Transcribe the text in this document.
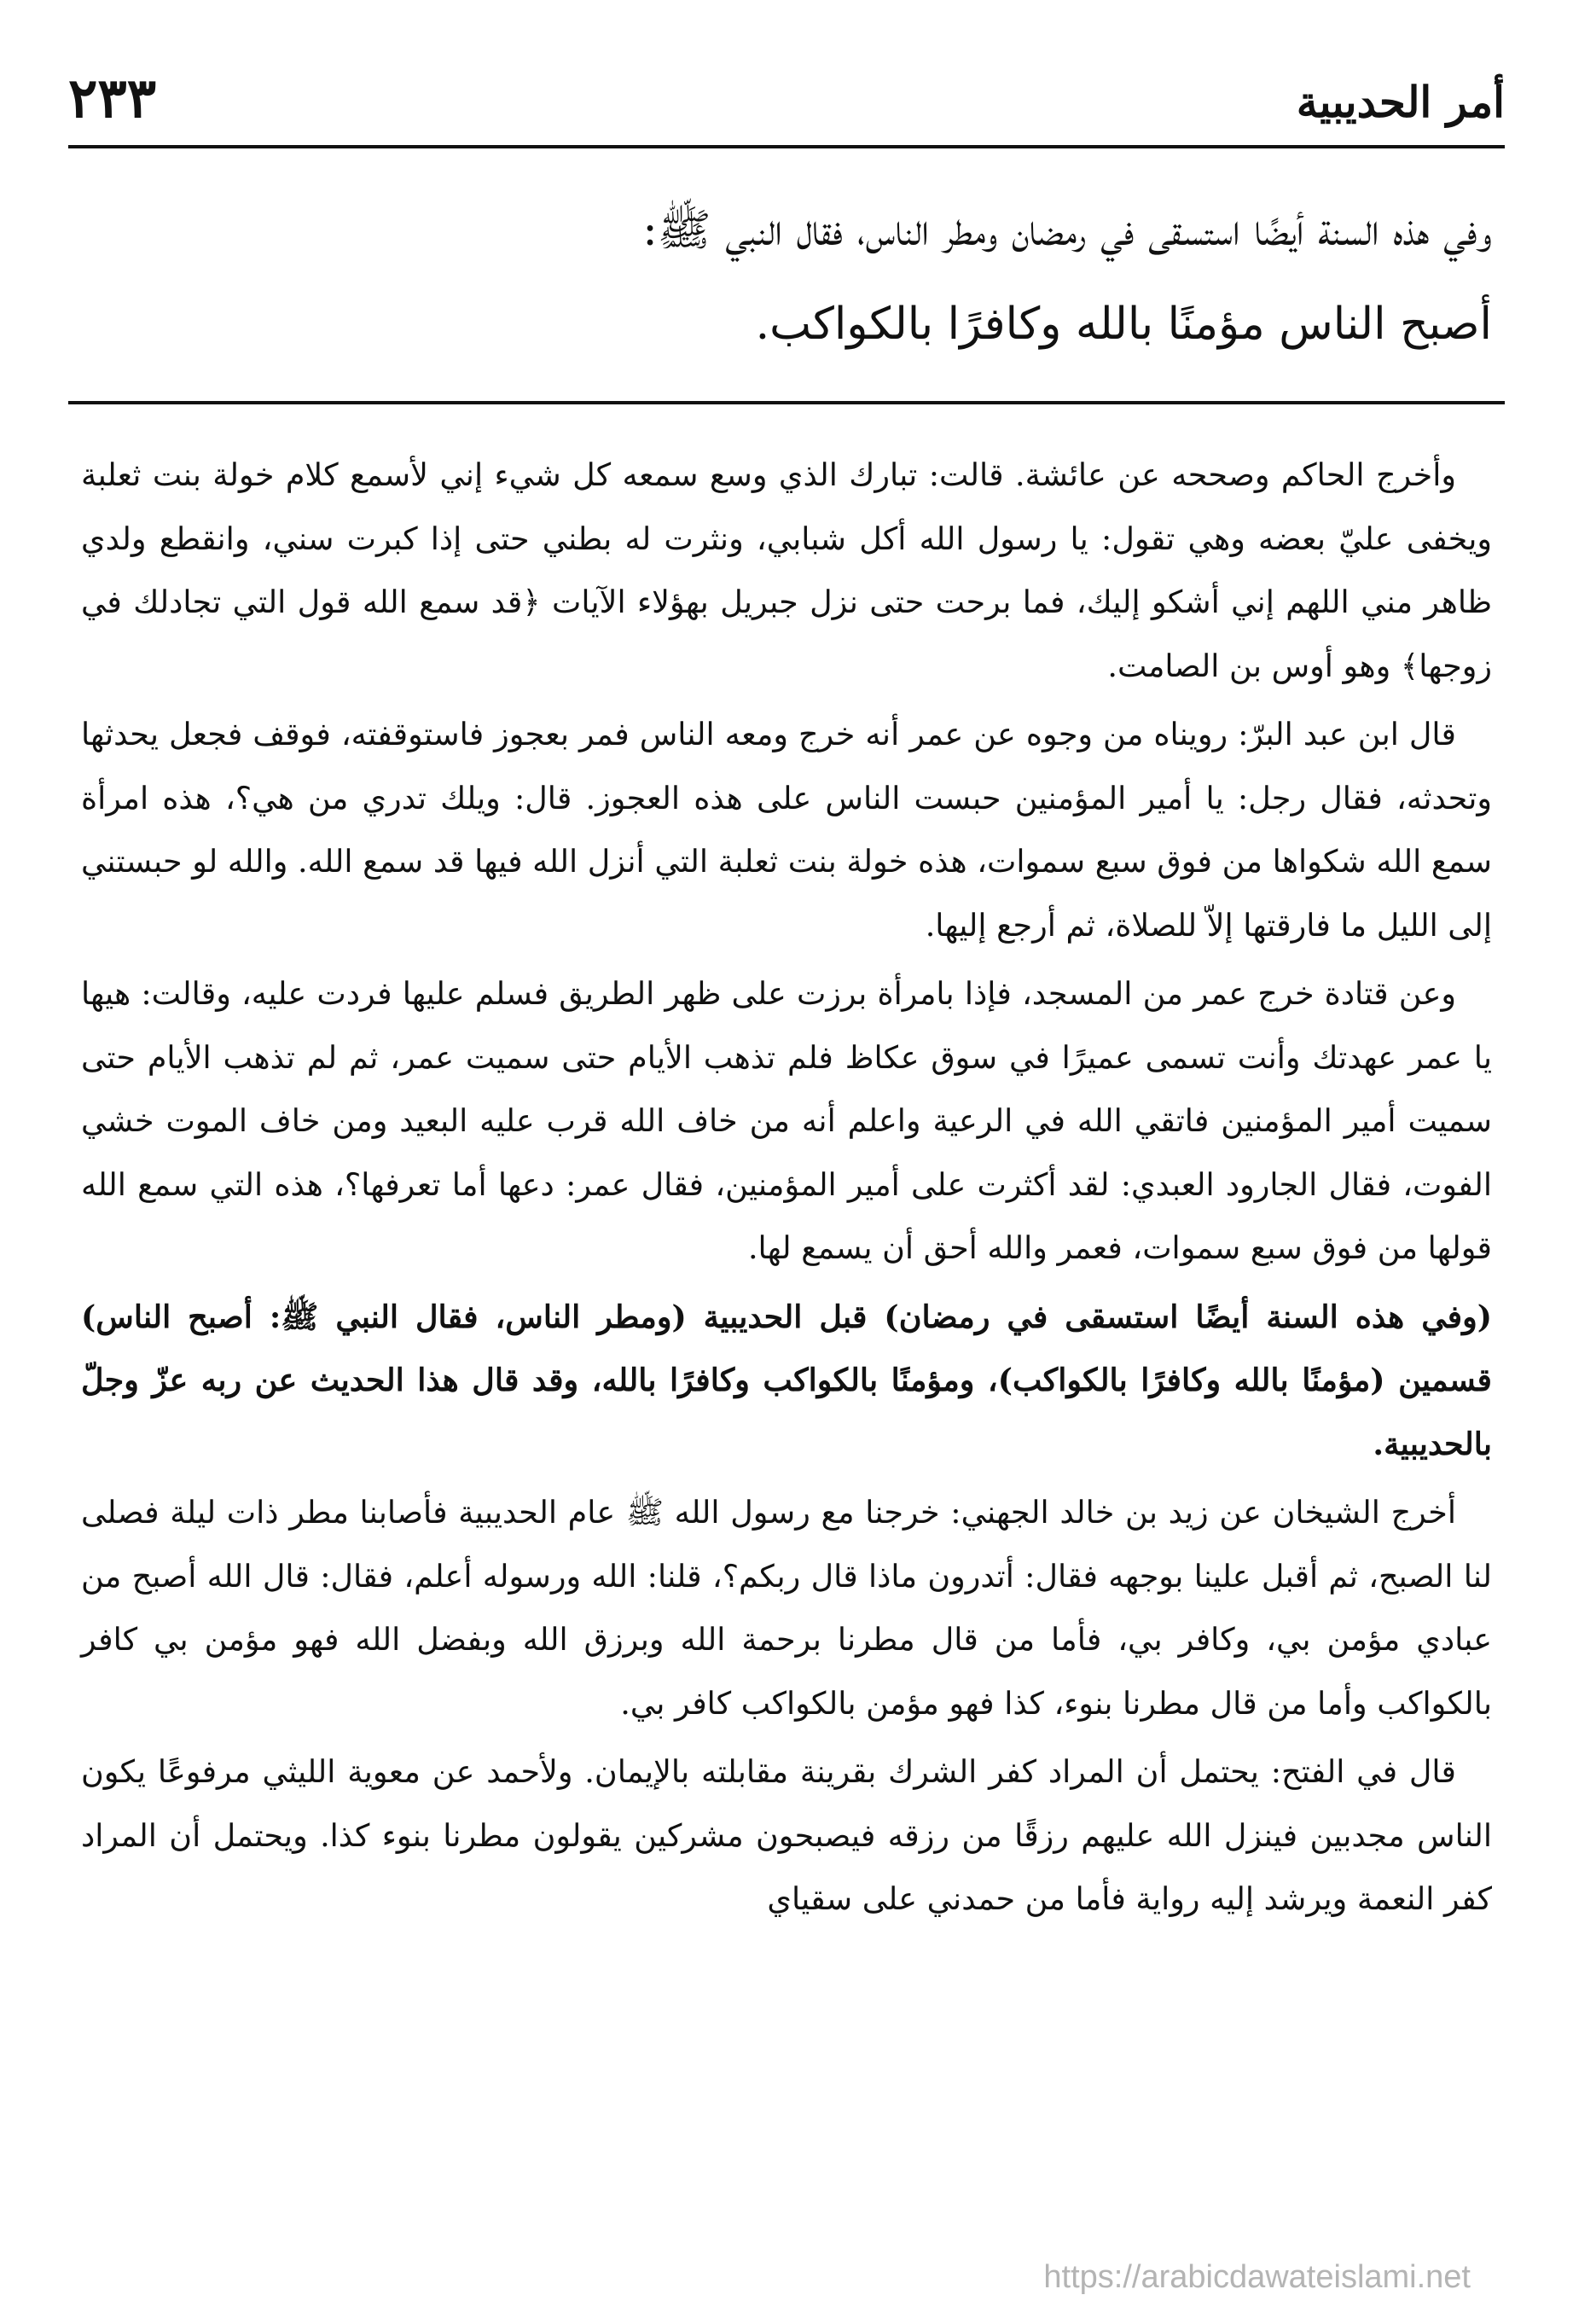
أمر الحديبية
٢٣٣
وفي هذه السنة أيضًا استسقى في رمضان ومطر الناس، فقال النبي ﷺ:
أصبح الناس مؤمنًا بالله وكافرًا بالكواكب.

وأخرج الحاكم وصححه عن عائشة. قالت: تبارك الذي وسع سمعه كل شيء إني لأسمع كلام خولة بنت ثعلبة ويخفى عليّ بعضه وهي تقول: يا رسول الله أكل شبابي، ونثرت له بطني حتى إذا كبرت سني، وانقطع ولدي ظاهر مني اللهم إني أشكو إليك، فما برحت حتى نزل جبريل بهؤلاء الآيات ﴿قد سمع الله قول التي تجادلك في زوجها﴾ وهو أوس بن الصامت.

قال ابن عبد البرّ: رويناه من وجوه عن عمر أنه خرج ومعه الناس فمر بعجوز فاستوقفته، فوقف فجعل يحدثها وتحدثه، فقال رجل: يا أمير المؤمنين حبست الناس على هذه العجوز. قال: ويلك تدري من هي؟، هذه امرأة سمع الله شكواها من فوق سبع سموات، هذه خولة بنت ثعلبة التي أنزل الله فيها قد سمع الله. والله لو حبستني إلى الليل ما فارقتها إلاّ للصلاة، ثم أرجع إليها.

وعن قتادة خرج عمر من المسجد، فإذا بامرأة برزت على ظهر الطريق فسلم عليها فردت عليه، وقالت: هيها يا عمر عهدتك وأنت تسمى عميرًا في سوق عكاظ فلم تذهب الأيام حتى سميت عمر، ثم لم تذهب الأيام حتى سميت أمير المؤمنين فاتقي الله في الرعية واعلم أنه من خاف الله قرب عليه البعيد ومن خاف الموت خشي الفوت، فقال الجارود العبدي: لقد أكثرت على أمير المؤمنين، فقال عمر: دعها أما تعرفها؟، هذه التي سمع الله قولها من فوق سبع سموات، فعمر والله أحق أن يسمع لها.

(وفي هذه السنة أيضًا استسقى في رمضان) قبل الحديبية (ومطر الناس، فقال النبي ﷺ: أصبح الناس) قسمين (مؤمنًا بالله وكافرًا بالكواكب)، ومؤمنًا بالكواكب وكافرًا بالله، وقد قال هذا الحديث عن ربه عزّ وجلّ بالحديبية.

أخرج الشيخان عن زيد بن خالد الجهني: خرجنا مع رسول الله ﷺ عام الحديبية فأصابنا مطر ذات ليلة فصلى لنا الصبح، ثم أقبل علينا بوجهه فقال: أتدرون ماذا قال ربكم؟، قلنا: الله ورسوله أعلم، فقال: قال الله أصبح من عبادي مؤمن بي، وكافر بي، فأما من قال مطرنا برحمة الله وبرزق الله وبفضل الله فهو مؤمن بي كافر بالكواكب وأما من قال مطرنا بنوء، كذا فهو مؤمن بالكواكب كافر بي.

قال في الفتح: يحتمل أن المراد كفر الشرك بقرينة مقابلته بالإيمان. ولأحمد عن معوية الليثي مرفوعًا يكون الناس مجدبين فينزل الله عليهم رزقًا من رزقه فيصبحون مشركين يقولون مطرنا بنوء كذا. ويحتمل أن المراد كفر النعمة ويرشد إليه رواية فأما من حمدني على سقياي

https://arabicdawateislami.net
